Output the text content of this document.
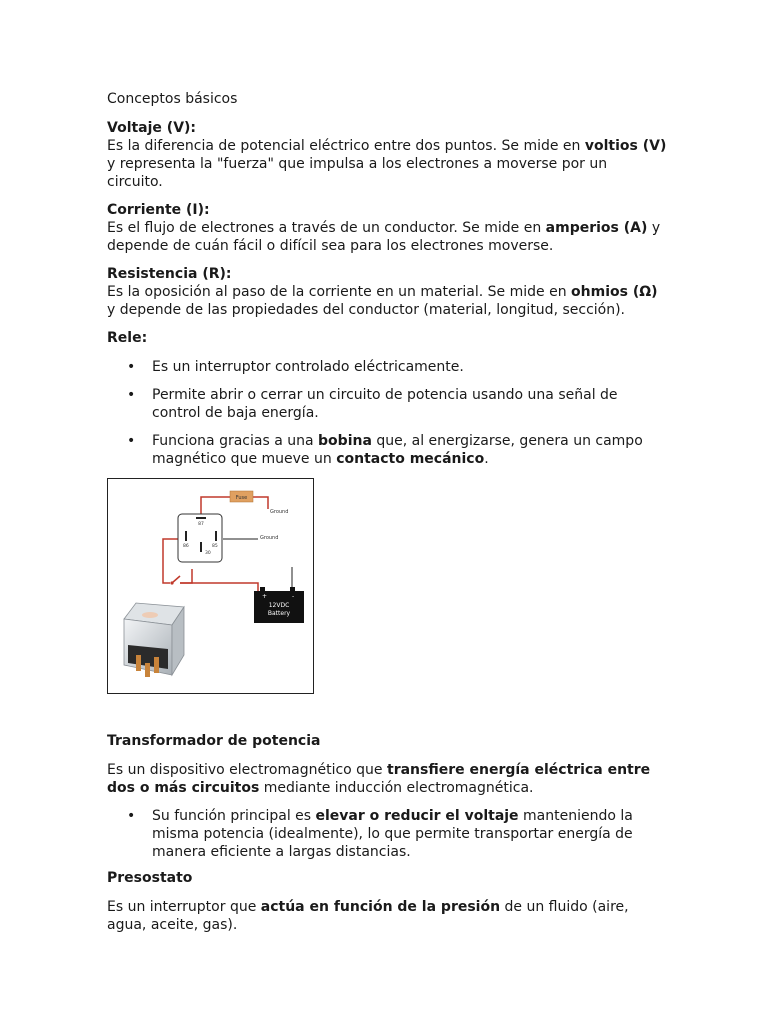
Conceptos básicos

Voltaje (V):

Es la diferencia de potencial eléctrico entre dos puntos. Se mide en voltios (V)
y representa la "fuerza" que impulsa a los electrones a moverse por un circuito.

Corriente (I):

Es el flujo de electrones a través de un conductor. Se mide en amperios (A) y
depende de cuán fácil o difícil sea para los electrones moverse.

Resistencia (R):

Es la oposición al paso de la corriente en un material. Se mide en ohmios (Ω)
y depende de las propiedades del conductor (material, longitud, sección).

Rele:

• Es un interruptor controlado eléctricamente.
• Permite abrir o cerrar un circuito de potencia usando una señal de control de baja energía.
• Funciona gracias a una bobina que, al energizarse, genera un campo magnético que mueve un contacto mecánico.
Fuse
Ground
Ground
87
86	85
30
+	-
12VDC
Battery

Transformador de potencia

Es un dispositivo electromagnético que transfiere energía eléctrica entre dos o más circuitos mediante inducción electromagnética.

• Su función principal es elevar o reducir el voltaje manteniendo la misma potencia (idealmente), lo que permite transportar energía de manera eficiente a largas distancias.

Presostato

Es un interruptor que actúa en función de la presión de un fluido (aire, agua, aceite, gas).
